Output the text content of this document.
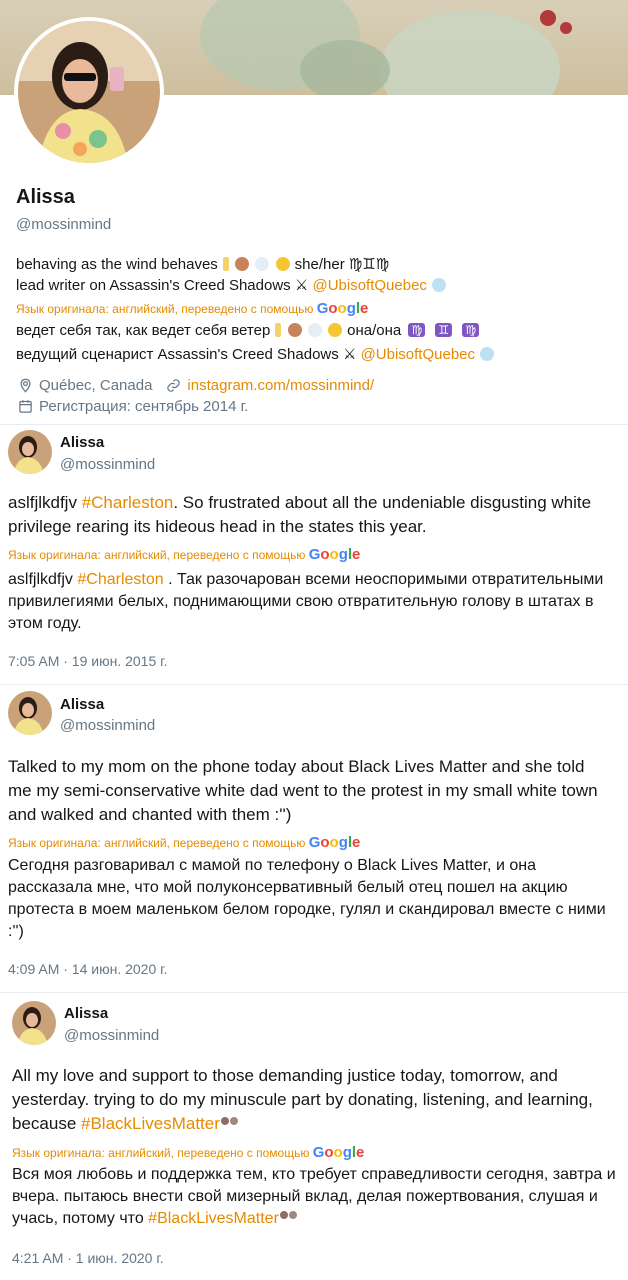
Alissa
@mossinmind
behaving as the wind behaves	she/her ♍♊♍
lead writer on Assassin's Creed Shadows ⚔ @UbisoftQuebec
Язык оригинала: английский, переведено с помощью Google
ведет себя так, как ведет себя ветер	она/она ♍ ♊ ♍
ведущий сценарист Assassin's Creed Shadows ⚔ @UbisoftQuebec
Québec, Canada instagram.com/mossinmind/
Регистрация: сентябрь 2014 г.
Alissa
@mossinmind
aslfjlkdfjv #Charleston. So frustrated about all the undeniable disgusting white privilege rearing its hideous head in the states this year.
Язык оригинала: английский, переведено с помощью Google
aslfjlkdfjv #Charleston . Так разочарован всеми неоспоримыми отвратительными привилегиями белых, поднимающими свою отвратительную голову в штатах в этом году.
7:05 AM · 19 июн. 2015 г.
Alissa
@mossinmind
Talked to my mom on the phone today about Black Lives Matter and she told me my semi-conservative white dad went to the protest in my small white town and walked and chanted with them :'')
Язык оригинала: английский, переведено с помощью Google
Сегодня разговаривал с мамой по телефону о Black Lives Matter, и она рассказала мне, что мой полуконсервативный белый отец пошел на акцию протеста в моем маленьком белом городке, гулял и скандировал вместе с ними :'')
4:09 AM · 14 июн. 2020 г.
Alissa
@mossinmind
All my love and support to those demanding justice today, tomorrow, and yesterday. trying to do my minuscule part by donating, listening, and learning, because #BlackLivesMatter
Язык оригинала: английский, переведено с помощью Google
Вся моя любовь и поддержка тем, кто требует справедливости сегодня, завтра и вчера. пытаюсь внести свой мизерный вклад, делая пожертвования, слушая и учась, потому что #BlackLivesMatter
4:21 AM · 1 июн. 2020 г.
